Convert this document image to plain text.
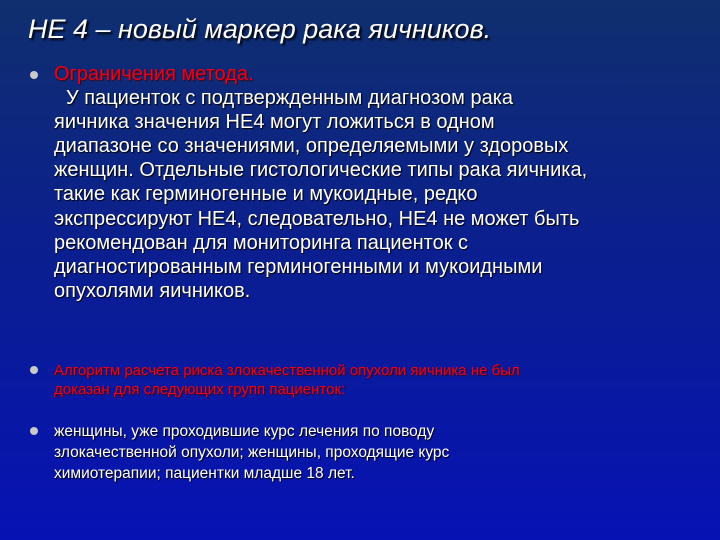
НЕ 4 – новый маркер рака яичников.
Ограничения метода.
У пациенток с подтвержденным диагнозом рака
яичника значения НЕ4 могут ложиться в одном
диапазоне со значениями, определяемыми у здоровых
женщин. Отдельные гистологические типы рака яичника,
такие как герминогенные и мукоидные, редко
экспрессируют НЕ4, следовательно, НЕ4 не может быть
рекомендован для мониторинга пациенток с
диагностированным герминогенными и мукоидными
опухолями яичников.
Алгоритм расчета риска злокачественной опухоли яичника не был
доказан для следующих групп пациенток:
женщины, уже проходившие курс лечения по поводу
злокачественной опухоли; женщины, проходящие курс
химиотерапии; пациентки младше 18 лет.
